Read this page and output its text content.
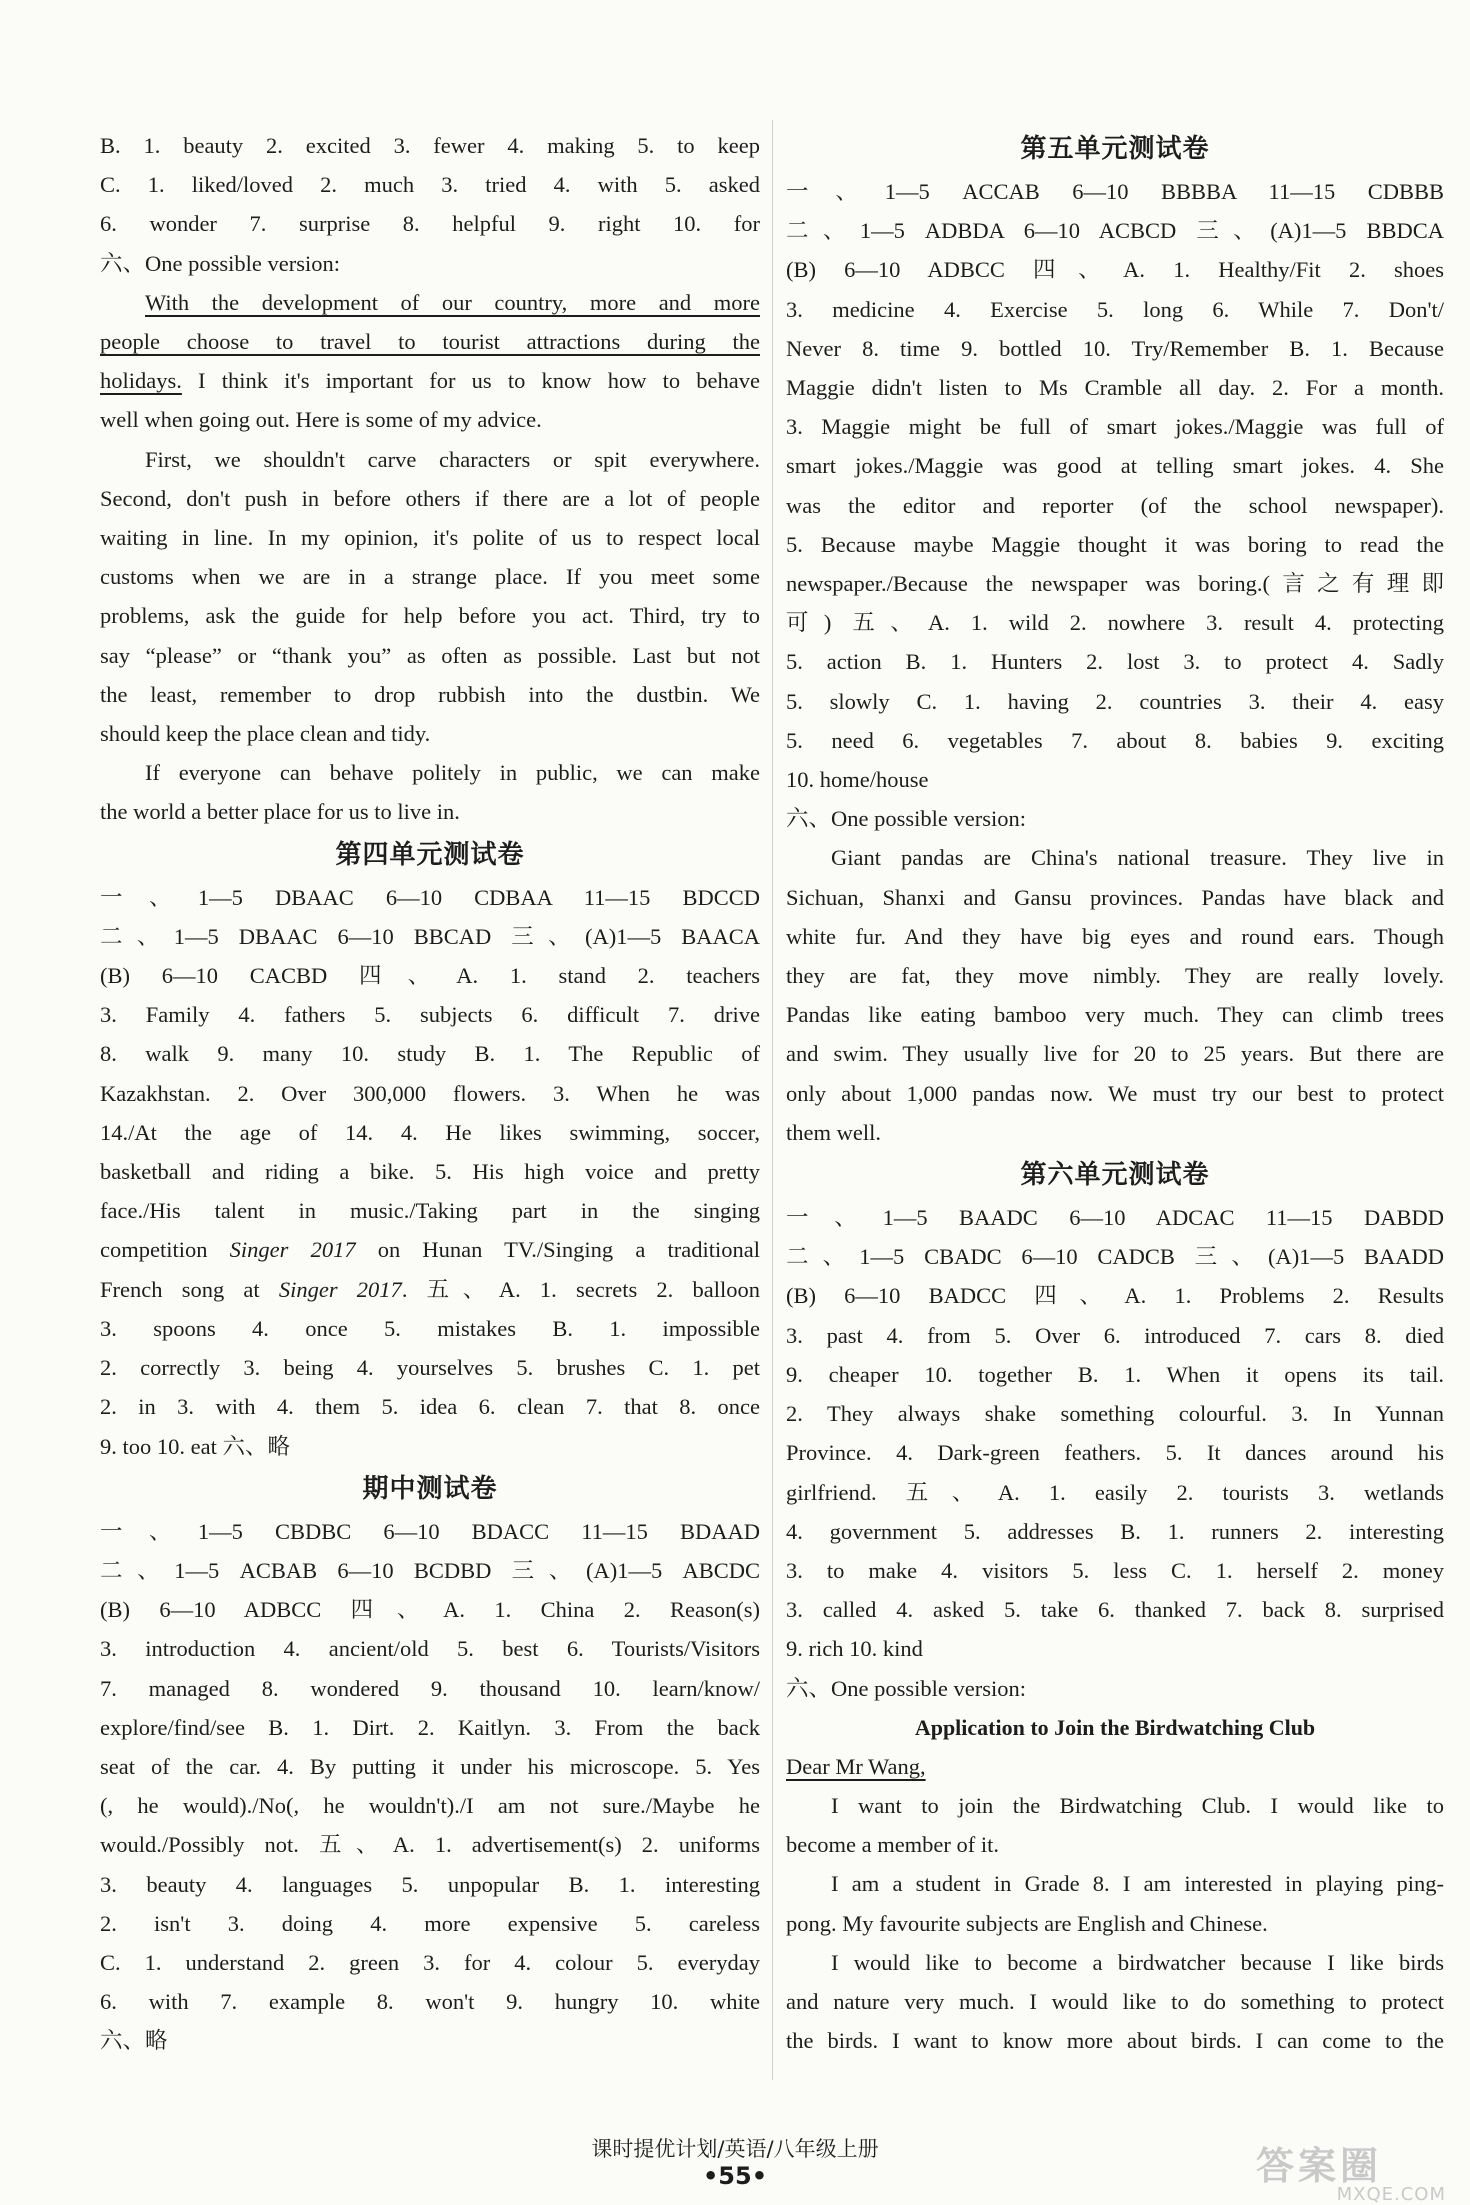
B. 1. beauty 2. excited 3. fewer 4. making 5. to keep
C. 1. liked/loved 2. much 3. tried 4. with 5. asked
6. wonder 7. surprise 8. helpful 9. right 10. for
六、One possible version:
With the development of our country, more and more
people choose to travel to tourist attractions during the
holidays. I think it's important for us to know how to behave
well when going out. Here is some of my advice.
First, we shouldn't carve characters or spit everywhere.
Second, don't push in before others if there are a lot of people
waiting in line. In my opinion, it's polite of us to respect local
customs when we are in a strange place. If you meet some
problems, ask the guide for help before you act. Third, try to
say “please” or “thank you” as often as possible. Last but not
the least, remember to drop rubbish into the dustbin. We
should keep the place clean and tidy.
If everyone can behave politely in public, we can make
the world a better place for us to live in.
第四单元测试卷
一、1—5 DBAAC 6—10 CDBAA 11—15 BDCCD
二、1—5 DBAAC 6—10 BBCAD 三、(A)1—5 BAACA
(B) 6—10 CACBD 四、A. 1. stand 2. teachers
3. Family 4. fathers 5. subjects 6. difficult 7. drive
8. walk 9. many 10. study B. 1. The Republic of
Kazakhstan. 2. Over 300,000 flowers. 3. When he was
14./At the age of 14. 4. He likes swimming, soccer,
basketball and riding a bike. 5. His high voice and pretty
face./His talent in music./Taking part in the singing
competition Singer 2017 on Hunan TV./Singing a traditional
French song at Singer 2017. 五、A. 1. secrets 2. balloon
3. spoons 4. once 5. mistakes B. 1. impossible
2. correctly 3. being 4. yourselves 5. brushes C. 1. pet
2. in 3. with 4. them 5. idea 6. clean 7. that 8. once
9. too 10. eat 六、略
期中测试卷
一、1—5 CBDBC 6—10 BDACC 11—15 BDAAD
二、1—5 ACBAB 6—10 BCDBD 三、(A)1—5 ABCDC
(B) 6—10 ADBCC 四、A. 1. China 2. Reason(s)
3. introduction 4. ancient/old 5. best 6. Tourists/Visitors
7. managed 8. wondered 9. thousand 10. learn/know/
explore/find/see B. 1. Dirt. 2. Kaitlyn. 3. From the back
seat of the car. 4. By putting it under his microscope. 5. Yes
(, he would)./No(, he wouldn't)./I am not sure./Maybe he
would./Possibly not. 五、A. 1. advertisement(s) 2. uniforms
3. beauty 4. languages 5. unpopular B. 1. interesting
2. isn't 3. doing 4. more expensive 5. careless
C. 1. understand 2. green 3. for 4. colour 5. everyday
6. with 7. example 8. won't 9. hungry 10. white
六、略
第五单元测试卷
一、1—5 ACCAB 6—10 BBBBA 11—15 CDBBB
二、1—5 ADBDA 6—10 ACBCD 三、(A)1—5 BBDCA
(B) 6—10 ADBCC 四、A. 1. Healthy/Fit 2. shoes
3. medicine 4. Exercise 5. long 6. While 7. Don't/
Never 8. time 9. bottled 10. Try/Remember B. 1. Because
Maggie didn't listen to Ms Cramble all day. 2. For a month.
3. Maggie might be full of smart jokes./Maggie was full of
smart jokes./Maggie was good at telling smart jokes. 4. She
was the editor and reporter (of the school newspaper).
5. Because maybe Maggie thought it was boring to read the
newspaper./Because the newspaper was boring.(言之有理即
可) 五、A. 1. wild 2. nowhere 3. result 4. protecting
5. action B. 1. Hunters 2. lost 3. to protect 4. Sadly
5. slowly C. 1. having 2. countries 3. their 4. easy
5. need 6. vegetables 7. about 8. babies 9. exciting
10. home/house
六、One possible version:
Giant pandas are China's national treasure. They live in
Sichuan, Shanxi and Gansu provinces. Pandas have black and
white fur. And they have big eyes and round ears. Though
they are fat, they move nimbly. They are really lovely.
Pandas like eating bamboo very much. They can climb trees
and swim. They usually live for 20 to 25 years. But there are
only about 1,000 pandas now. We must try our best to protect
them well.
第六单元测试卷
一、1—5 BAADC 6—10 ADCAC 11—15 DABDD
二、1—5 CBADC 6—10 CADCB 三、(A)1—5 BAADD
(B) 6—10 BADCC 四、A. 1. Problems 2. Results
3. past 4. from 5. Over 6. introduced 7. cars 8. died
9. cheaper 10. together B. 1. When it opens its tail.
2. They always shake something colourful. 3. In Yunnan
Province. 4. Dark-green feathers. 5. It dances around his
girlfriend. 五、A. 1. easily 2. tourists 3. wetlands
4. government 5. addresses B. 1. runners 2. interesting
3. to make 4. visitors 5. less C. 1. herself 2. money
3. called 4. asked 5. take 6. thanked 7. back 8. surprised
9. rich 10. kind
六、One possible version:
Application to Join the Birdwatching Club
Dear Mr Wang,
I want to join the Birdwatching Club. I would like to
become a member of it.
I am a student in Grade 8. I am interested in playing ping-
pong. My favourite subjects are English and Chinese.
I would like to become a birdwatcher because I like birds
and nature very much. I would like to do something to protect
the birds. I want to know more about birds. I can come to the
课时提优计划/英语/八年级上册
•55•	答案圈
MXQE.COM
